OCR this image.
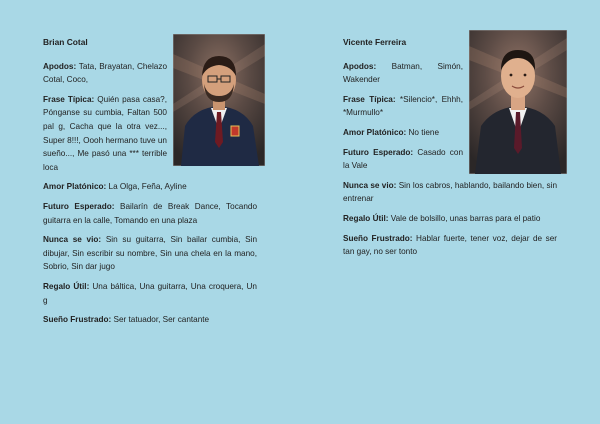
Brian Cotal

Apodos: Tata, Brayatan, Chelazo Cotal, Coco,

Frase Típica: Quién pasa casa?, Pónganse su cumbia, Faltan 500 pal g, Cacha que la otra vez..., Super 8!!!, Oooh hermano tuve un sueño..., Me pasó una *** terrible loca

Amor Platónico: La Olga, Feña, Ayline

Futuro Esperado: Bailarín de Break Dance, Tocando guitarra en la calle, Tomando en una plaza

Nunca se vio: Sin su guitarra, Sin bailar cumbia, Sin dibujar, Sin escribir su nombre, Sin una chela en la mano, Sobrio, Sin dar jugo

Regalo Útil: Una báltica, Una guitarra, Una croquera, Un g

Sueño Frustrado: Ser tatuador, Ser cantante

Vicente Ferreira

Apodos: Batman, Simón, Wakender

Frase Típica: *Silencio*, Ehhh, *Murmullo*

Amor Platónico: No tiene

Futuro Esperado: Casado con la Vale

Nunca se vio: Sin los cabros, hablando, bailando bien, sin entrenar

Regalo Útil: Vale de bolsillo, unas barras para el patio

Sueño Frustrado: Hablar fuerte, tener voz, dejar de ser tan gay, no ser tonto
